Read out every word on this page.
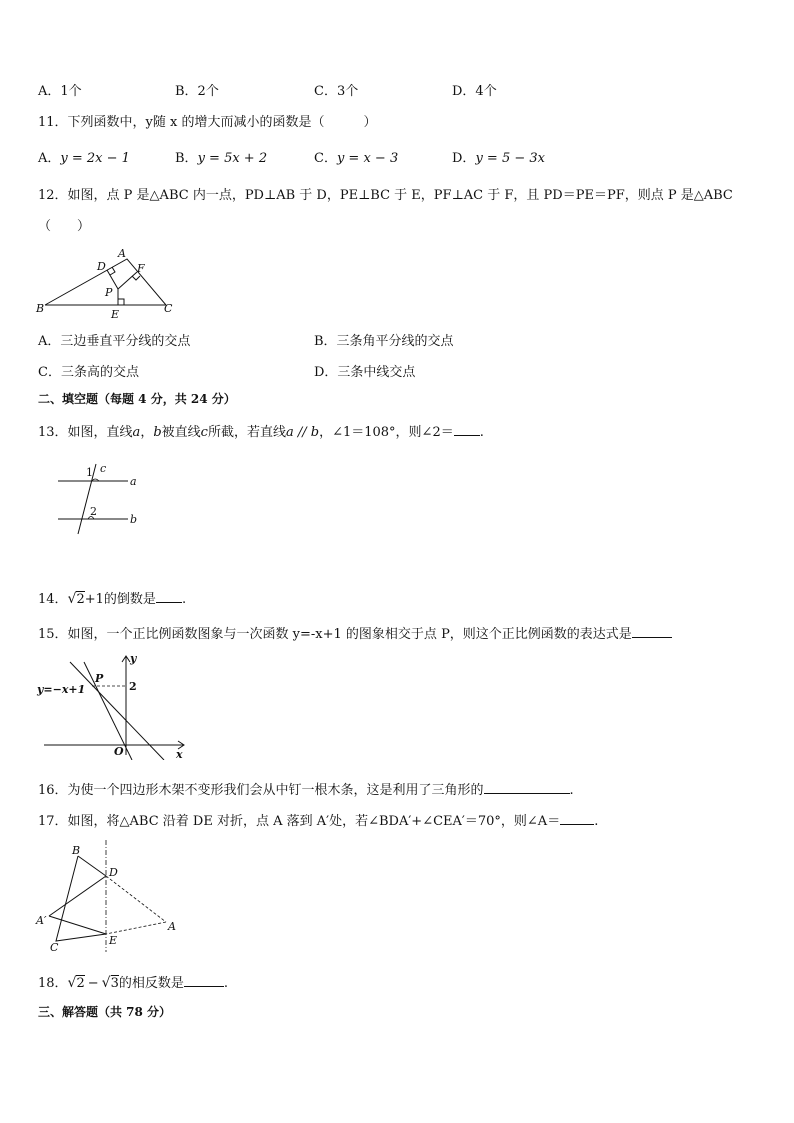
A．1个	B．2个	C．3个	D．4个
11．下列函数中，y随 x 的增大而减小的函数是（　　　）
A．y = 2x − 1	B．y = 5x + 2	C．y = x − 3	D．y = 5 − 3x
12．如图，点 P 是△ABC 内一点，PD⊥AB 于 D，PE⊥BC 于 E，PF⊥AC 于 F，且 PD＝PE＝PF，则点 P 是△ABC
（　　）
A
B	C
D
E
F
P
A．三边垂直平分线的交点	B．三条角平分线的交点
C．三条高的交点	D．三条中线交点
二、填空题（每题 4 分，共 24 分）
13．如图，直线a，b被直线c所截，若直线a // b，∠1＝108°，则∠2＝ .
1
2
c
a
b
14．√2+1的倒数是 .
15．如图，一个正比例函数图象与一次函数 y=-x+1 的图象相交于点 P，则这个正比例函数的表达式是
y=−x+1
P
2
O	x
y
16．为使一个四边形木架不变形我们会从中钉一根木条，这是利用了三角形的	.
17．如图，将△ABC 沿着 DE 对折，点 A 落到 A′处，若∠BDA′+∠CEA′＝70°，则∠A＝	.
B
D
A′	A
C
E
18．√2 − √3的相反数是	.
三、解答题（共 78 分）
